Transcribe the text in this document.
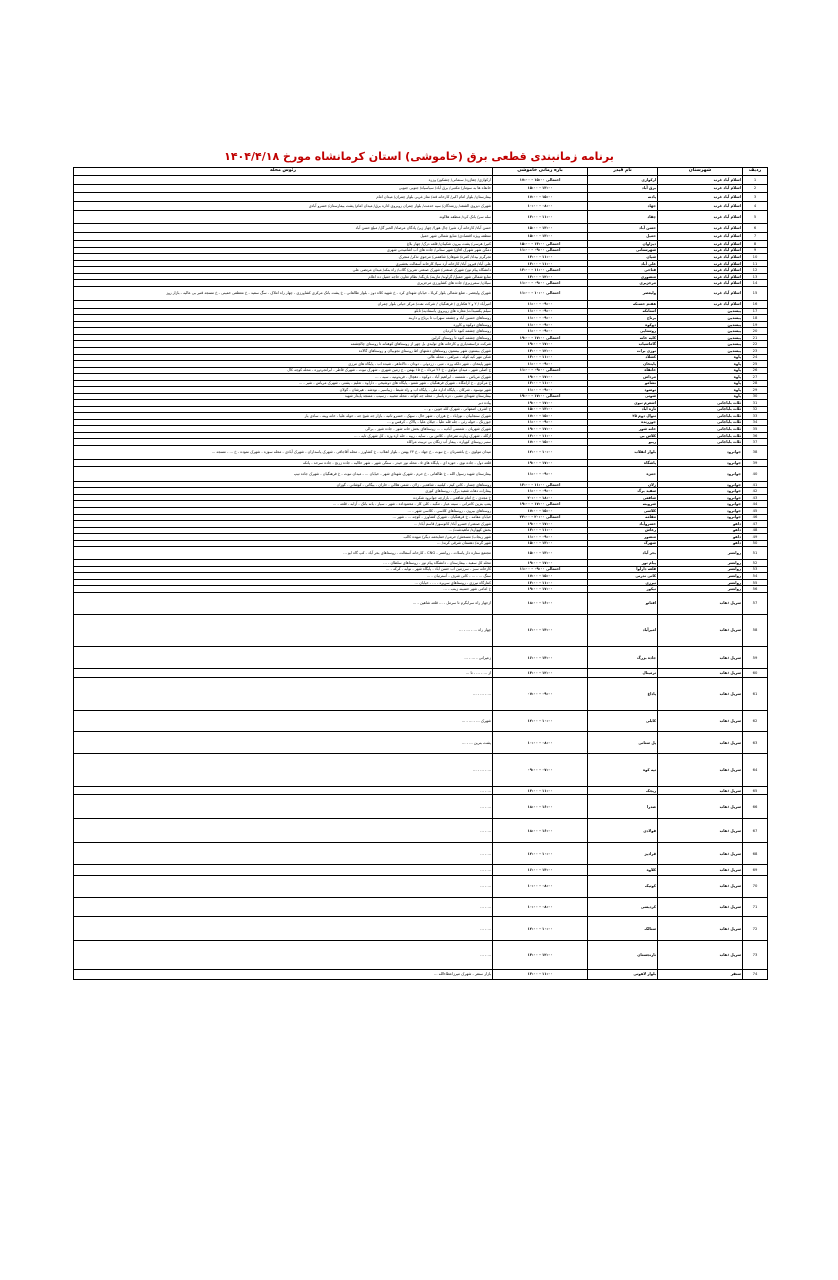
برنامه زمانبندی قطعی برق (خاموشی) استان کرمانشاه مورخ ۱۴۰۴/۴/۱۸
ردیف	شهرستان	نام فیدر	بازه زمانی خاموشی	رئوس محله
1	اسلام آباد غرب	ارکوازی	۱۷:۰۰ - ۱۵:۰۰ احتمالی	ارکوازی/ چقاژرد/ سنمانی/ چشکور/ وزره
2	اسلام آباد غرب	برق آباد	۱۵:۰۰ - ۱۳:۰۰	خانقاه ها به سومار/ مکتبی/ برق آباد/ سیاسیاه/ جنوبی جنوبی
3	اسلام آباد غرب	پادنه	۱۷:۰۰ - ۱۵:۰۰	بیمارستان/ بلوار امام اکبر/ کارخانه قند/ نماز غربی بلوار چمران/ میدان امام
4	اسلام آباد غرب	جهاد	۱۰:۰۰ - ۰۸:۰۰	شهرک دیزوی الشقه/ رزمندگان/ سپه خدمت/ بلوار چمران روبروی اداره برق/ میدان امام/ پشت بیمارستان/ خسرو آبادی
5	اسلام آباد غرب	چقاد	۱۳:۰۰ - ۱۱:۰۰	سله سر/ بانک کرد/ منطقه هلالوند
6	اسلام آباد غرب	حسن آباد	۱۵:۰۰ - ۱۳:۰۰	حسن آباد/ کارخانه آرد شیر/ چال هورا/ چهار زیر/ پادگان مرصاد/ الحیر گل/ مبلغ حسن آباد
7	اسلام آباد غرب	حمیل	۱۵:۰۰ - ۱۳:۰۰	منطقه ویژه اقتصادی/ منابع شمالی شهر حمیل
8	اسلام آباد غرب	دیزاوان	۱۵:۰۰ - ۱۳:۰۰ احتمالی	کنیر/ هرسی/ پشت بیرون شکیبان/ قلعه درگ/ چهار بلاغ
9	اسلام آباد غرب	شهرستانی	۱۱:۰۰ - ۰۹:۰۰ احتمالی	دمگن شهر شهرک آفاق/ شهر ستانی/ جاده های آب آشامیدنی شهری
10	اسلام آباد غرب	شیان	۱۳:۰۰ - ۱۱:۰۰	تجرگرم بیداد/ کمره/ شوهان/ شاهمنی/ مرجوی تذکر/ منجرک
11	اسلام آباد غرب	علی آباد	۱۳:۰۰ - ۱۱:۰۰	علی آباد/ فیروز آباد/ کارخانه آرد سپا/ کارخانه آسفالت بخشیری
12	اسلام آباد غرب	فتاحی	۱۳:۰۰ - ۱۱:۰۰ احتمالی	دانشگاه پیام نور/ شهرک صنعتی/ شهرک صنعتی تمرین/ گلاب/ راه بنکه/ میدان مرتضی علی
13	اسلام آباد غرب	منصوری	۱۳:۰۰ - ۱۲:۰۰	منابع شمالی شهر حمیل/ گراوند/ مازینه/ بازیگه/ نظام تعاون حاجه حمیل ده اعلام
14	اسلام آباد غرب	مرجزیری	۱۱:۰۰ - ۰۹:۰۰ احتمالی	سیلان/ سمرزیری/ جاده های کشاورزی مرجزیری
15	اسلام آباد غرب	ولیعصر	۱۱:۰۰ - ۱۰:۰۰ احتمالی	شهرک ولیعصر - ضلع شمالی بلوار کربلا - خیابان شهدای کرد - خ شهید کلاه دوز - بلوار طالقانی - خ پشت بانک مرکزی کشاورزی - چهار راه املاک - سگ سفید - خ معطفی خمینی - خ مسجد قنبر بی عالیه - بازار روز
16	اسلام آباد غرب	هفتم حسنکه	۱۱:۰۰ - ۰۹:۰۰	امیرآباد / ۲ و ۲ هکتاری / فرهنگیان / شرکت نفت/ مرکز حیاتی بلوار چمران
17	پیسدین	آستانکه	۱۱:۰۰ - ۰۹:۰۰	سیلم پکسیدات/ مغازه های روبروی یاسمادیه/ تابلو
18	پیسدین	برناج	۱۱:۰۰ - ۰۹:۰۰	روستاهای حسین آباد و چشمه سهراب تا برناج و داربند
19	پیسدین	دوکوه	۱۱:۰۰ - ۰۹:۰۰	روستاهای دوکوه و کاوره
20	پیسدین	روستایی	۱۱:۰۰ - ۰۹:۰۰	روستاهای چشمه کبود تا کردیان
21	پیسدین	کلیه خانه	۱۹:۰۰ - ۱۷:۰۰ احتمالی	روستاهای چشمه کبود تا روستای کرلین
22	پیسدین	گاماسیاب	۱۹:۰۰ - ۱۷:۰۰	شرکت دزاسفندیاری و کارخانه های تولیدی بل چهر از روستاهای کوهنانه تا روستای چالچشمه
23	پیسدین	نوزی برات	۱۴:۰۰ - ۱۲:۰۰	شهرک بیستون شهر بیستون روستاهای دشتهای اط روستای نجوبیاان و روستاهای گالاده
24	پاوه	کشلاد	۱۳:۰۰ - ۱۱:۰۰	شکن مهر کیه کوله - میرلفی - محله عالی
25	پاوه	پایتخان	۱۱:۰۰ - ۰۹:۰۰	شهر پایتخان - شهر دلکه وره - نتیی - زردوئی - دودان - دالاماهر - شیده اب - پایگاه های مرزی
26	پاوه	خانقاه	۱۱:۰۰ - ۰۹:۰۰ احتمالی	ج اصلی شهر - میدان مولوی - خ ۲۶ مرداد - خ ۱۵ بهمن - ج زمین شهری - شهرک نبوت - شهرک قاطر - ابرانجردوره - محله کوچه کال
27	پاوه	مرداس	۱۹:۰۰ - ۱۷:۰۰	شهرک مریاس - شمسه - ابراهیم آباد - دوکوه - دهچال - فریدونیه - سیه - ...
28	پاوه	نشامو	۱۳:۰۰ - ۱۱:۰۰	خ مرکزی - خ آرامگاه - شهرک فرهنگیان - شهر شمو - پایگاه های دوشیخی - داراوه - تعلیم - پشتی - شهرک مریاس - شیر - ...
29	پاوه	نوسود	۱۱:۰۰ - ۰۹:۰۰	شهر نوسود - شرکان - پایگاه اداره ملی - پایگاه اب و راه شیط - زیباسیر - نودشه - هیرشان - گولان
30	پاوه	شوتی	۱۹:۰۰ - ۱۷:۰۰ احتمالی	بیمارستان شهدای تشیی - دره پاسار - محله جه کوانه - محله محبیه - زسیب - مسجد پایدار شهید
31	ثلاث باباجانی	اشعرم نبوی	۱۹:۰۰ - ۱۷:۰۰	پیاده دبر
32	ثلاث باباجانی	تازه آباد	۱۵:۰۰ - ۱۳:۰۰	ج اشرف اصفهانی - شهرک کله جوین - و ...
33	ثلاث باباجانی	تنوال دوم ۲۵	۱۷:۰۰ - ۱۵:۰۰	شهرک سنجابیان - نوزاباد - خ هرزان - شهر خال - سهک - خسرو ثانیه - بازار جه شیخ جه - حوله علیا - خانه وینه - سادی یار
34	ثلاث باباجانی	جوزرنده	۱۱:۰۰ - ۰۹:۰۰	جوزرنک - خوله رئی - جله قله علیا - جیلان علیا - پالاک - کرفس و ...
35	ثلاث باباجانی	خانه شور	۱۹:۰۰ - ۱۷:۰۰	شهرک شهریان - شمسی آبادیه - ... روستاهای بخش خانه شور - جاده شور - برالی
36	ثلاث باباجانی	کلاس بی	۱۳:۰۰ - ۱۱:۰۰	ازگله - شهرک زیارت تمرخان - کلاس بی - سایه - ریپه - حله اره وزه - کل شهرک تایه - ...
37	ثلاث باباجانی	ریبو	۱۷:۰۰ - ۱۵:۰۰	سنبر روستای کوواره - پیمار آب زنگان بی تربیت مراکاه
38	جوانرود	بلوار انقلاب	۱۲:۰۰ - ۱۰:۰۰	میدان مولوی - خ باغسرنان - خ نبوت - خ جهاد - خ ۲۳ بهمن - بلوار انقلاب - خ کشاورز - محله آقاجافی - شهرک پاسداران - شهرک آبادی - محله سوزه - شهرک نموده - خ ... - مسجد ...
39	جوانرود	پاشگاه	۱۹:۰۰ - ۱۷:۰۰	قلعه دول - جاده نوی - حوزه ای - پایگاه های ۵ - محله نور حیدر - سنگی شهر - شهر حلالیه - جاده زرنج - جاده سرحد - پانکه
40	جوانرود	حمزه	۱۱:۰۰ - ۰۹:۰۰	بیمارستان شهید رسول الله - خ طالقانی - خ حرم - شهرک شهدای شهر - خیابان ... - میدان نبوت - خ فرهنگیان - شهرک جاده تیپ
41	جوانرود	زلان	۱۳:۰۰ - ۱۱:۰۰ احتمالی	روستاهای چسار - کانی کیم - کیلتیه - شاهدیر - زلان - شمی هلالی - خاران - بیگانی - کوشانی - گوران
42	جوانرود	سفید برگ	۱۱:۰۰ - ۰۹:۰۰	پیمارات دهات شفید برگ - روستاهای کوری
43	جوانرود	شافعی	۲۰:۰۰ - ۱۸:۰۰	خ مجدی - خ امام شافعی - بازارچه جوانرود شکرده
44	جوانرود	شروینه	۱۹:۰۰ - ۱۷:۰۰ احتمالی	پمپ بنزین کامرانی - سینه عیار - تنگیه - کلی کار - محموداده - شهر - سیار - بانه بانک - آرابه - قلعه - ...
45	جوانرود	کلاسی	۱۷:۰۰ - ۱۵:۰۰	روستاهای بیرون - روستاهای کلاسی - کلاسی شهر - ...
46	جوانرود	مقامه	۲۲:۰۰ - ۲۰:۰۰ احتمالی	خیابان مقامه - خ فرهنگیان - شهرک کشاورز - کوچه ... - شهر ...
47	داهو	خسروآباد	۱۹:۰۰ - ۱۷:۰۰	شهرک صنعتی/ خسرو آباد/ کانوسور/ قاسم آباد/ ...
48	داهو	رعاش	۱۳:۰۰ - ۱۱:۰۰	بخش کهواره/ ماهیدشت/ ...
49	داهو	منصور	۱۱:۰۰ - ۰۹:۰۰	شهر ریجاب/ مسخش/ حرمی/ حمایحمه دیگر/ میهده کالب
50	داهو	شهرک	۱۵:۰۰ - ۱۳:۰۰	شهر گرند/ دهستان شرقی کرند/ ...
51	روانسر	بحر آباد	۱۵:۰۰ - ۱۳:۰۰	مجتمع ستاره دار پاسلات - روانسر - CNG - کارخانه آسفالت - روستاهای بحر آباد - کپ گاه ابو ...
52	روانسر	پیام نور	۱۹:۰۰ - ۱۷:۰۰	محله کل سفید - بیمارستان - دانشگاه پیام نور - روستاهای سلطان - ...
53	روانسر	قلعه دارلوا	۱۱:۰۰ - ۰۹:۰۰ احتمالی	کارخانه سبز - سرزمین آب حسن آباد - پایگاه شهر - نوآبه - کرکه - ...
54	روانسر	کانی ندرنی	۱۷:۰۰ - ۱۵:۰۰	سنگ ... - ... - کانی شرف - آسترتیان - ...
55	روانسر	نیرزی	۱۳:۰۰ - ۱۱:۰۰	کنتارگاه نیرزی - روستاهای سرپره - ... - خیابان ...
56	روانسر	نیکور	۱۹:۰۰ - ۱۷:۰۰	خ امامی شهر حسینه زینب - ...
57	سرپل ذهاب	افتاتو	۱۸:۰۰ - ۱۶:۰۰	ازجهار راه سرابگرم تا سرمل - ... قلعه شاهین - ...
58	سرپل ذهاب	امیرآباد	۱۶:۰۰ - ۱۴:۰۰	چهار راه ... - ... - ...
59	سرپل ذهاب	جاده بزرگ	۱۶:۰۰ - ۱۴:۰۰	زعیرانی - ... - ...
60	سرپل ذهاب	ترمینال	۱۴:۰۰ - ۱۲:۰۰	از ... - ... - تا ...
61	سرپل ذهاب	پاداغ	۰۷:۰۰ - ۰۹:۰۰	... - ... - ...
62	سرپل ذهاب	کابلی	۱۲:۰۰ - ۱۰:۰۰	شهرک ... - ... - ...
63	سرپل ذهاب	پل ستانی	۱۰:۰۰ - ۰۸:۰۰	پشت بنرین ... - ...
64	سرپل ذهاب	تپه کوه	۰۹:۰۰ - ۰۷:۰۰	... - ... - ...
65	سرپل ذهاب	ریجک	۱۳:۰۰ - ۱۱:۰۰	... - ...
66	سرپل ذهاب	صدرا	۱۸:۰۰ - ۱۶:۰۰	... - ...
67	سرپل ذهاب	فولادی	۱۸:۰۰ - ۱۶:۰۰	... - ...
68	سرپل ذهاب	قرادیز	۱۲:۰۰ - ۱۰:۰۰	... - ...
69	سرپل ذهاب	کلاوه	۱۶:۰۰ - ۱۴:۰۰	... - ...
70	سرپل ذهاب	کوتیک	۱۰:۰۰ - ۰۸:۰۰	... - ...
71	سرپل ذهاب	کردیسی	۱۰:۰۰ - ۰۸:۰۰	... - ...
72	سرپل ذهاب	سنالک	۱۲:۰۰ - ۱۰:۰۰	... - ...
73	سرپل ذهاب	نارنجستان	۱۴:۰۰ - ۱۲:۰۰	... - ...
74	سنقر	بلوار لاهوتی	۱۳:۰۰ - ۱۱:۰۰	بازار سنقر - شهرک میرزاعطاءالله ...
